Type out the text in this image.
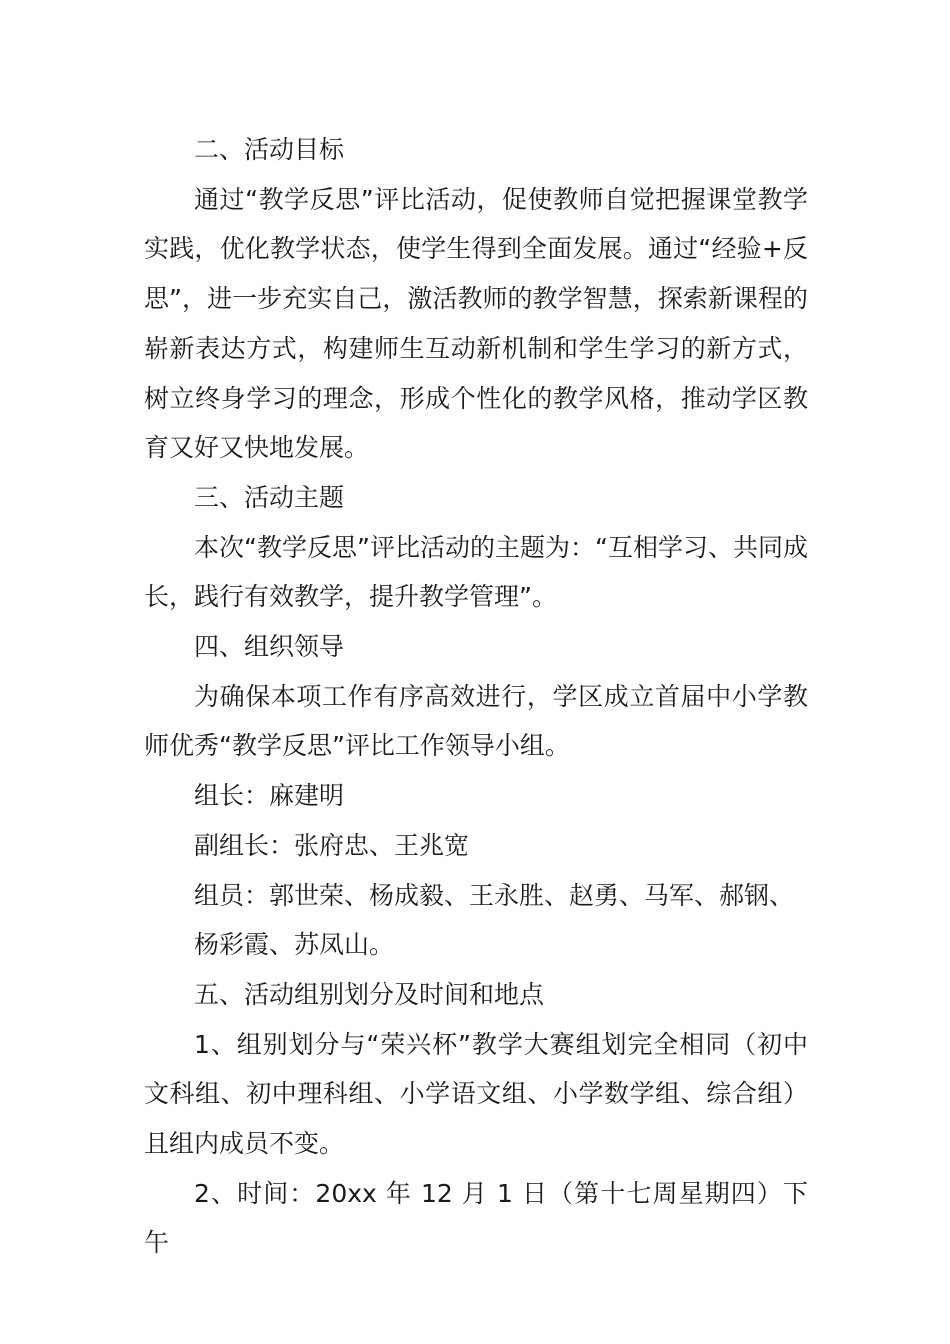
二、活动目标

通过“教学反思”评比活动，促使教师自觉把握课堂教学实践，优化教学状态，使学生得到全面发展。通过“经验+反思”，进一步充实自己，激活教师的教学智慧，探索新课程的崭新表达方式，构建师生互动新机制和学生学习的新方式，树立终身学习的理念，形成个性化的教学风格，推动学区教育又好又快地发展。

三、活动主题

本次“教学反思”评比活动的主题为：“互相学习、共同成长，践行有效教学，提升教学管理”。

四、组织领导

为确保本项工作有序高效进行，学区成立首届中小学教师优秀“教学反思”评比工作领导小组。

组长：麻建明

副组长：张府忠、王兆宽

组员：郭世荣、杨成毅、王永胜、赵勇、马军、郝钢、
杨彩霞、苏凤山。

五、活动组别划分及时间和地点

1、组别划分与“荣兴杯”教学大赛组划完全相同（初中文科组、初中理科组、小学语文组、小学数学组、综合组）且组内成员不变。

2、时间：20xx 年 12 月 1 日（第十七周星期四）下午
